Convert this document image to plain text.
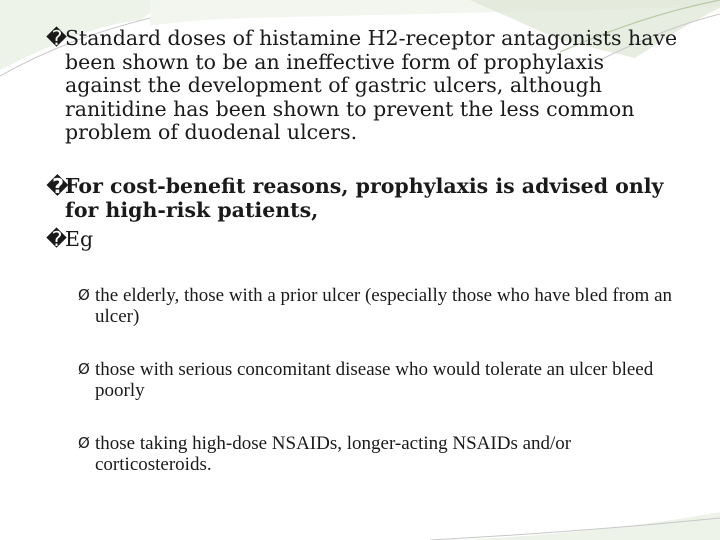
�
Standard doses of histamine H2-receptor antagonists have been shown to be an ineffective form of prophylaxis against the development of gastric ulcers, although ranitidine has been shown to prevent the less common problem of duodenal ulcers.

�
For cost-benefit reasons, prophylaxis is advised only for high-risk patients,

�
Eg

Ø the elderly, those with a prior ulcer (especially those who have bled from an ulcer)

Ø those with serious concomitant disease who would tolerate an ulcer bleed poorly

Ø those taking high-dose NSAIDs, longer-acting NSAIDs and/or corticosteroids.
